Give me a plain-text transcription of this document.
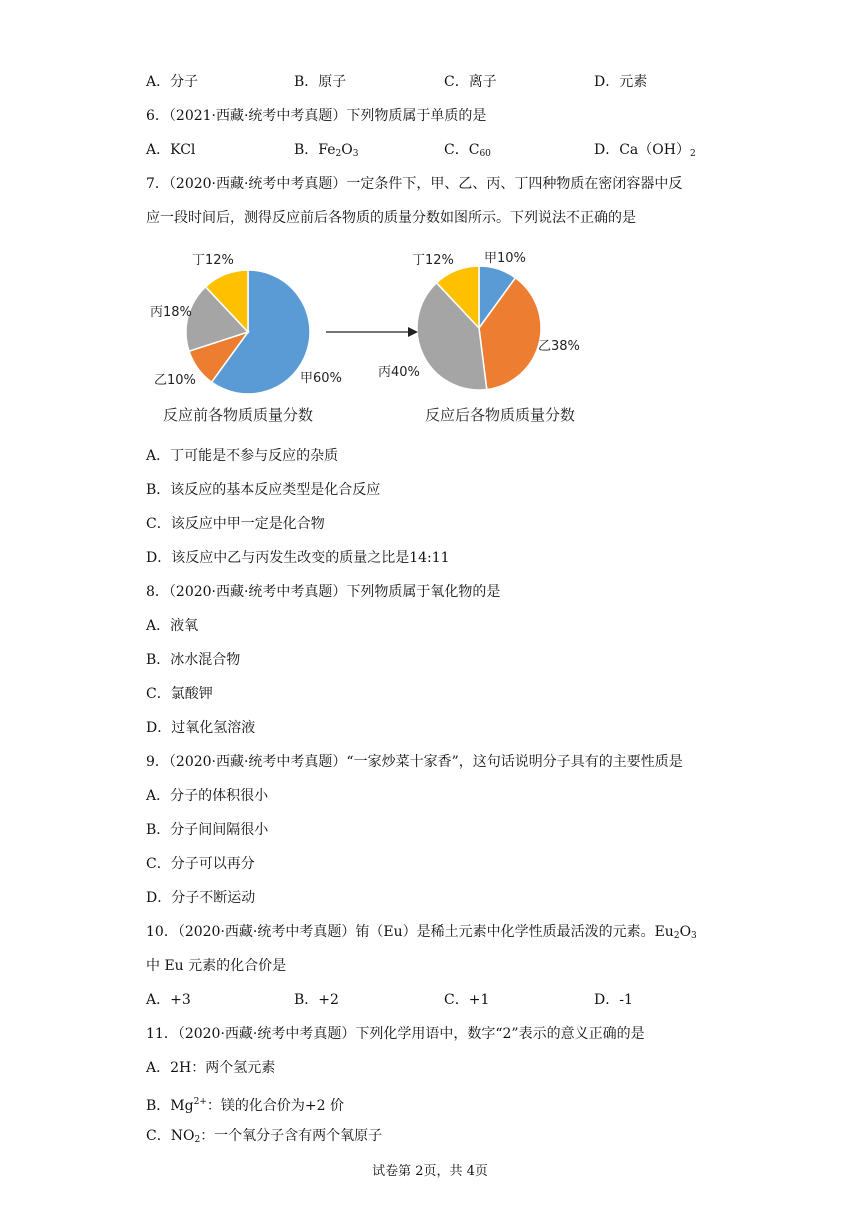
A．分子	B．原子	C．离子	D．元素
6．（2021·西藏·统考中考真题）下列物质属于单质的是
A．KCl	B．$Fe_2O_3$	C．$C_{60}$	D．$Ca(OH)_2$
7．（2020·西藏·统考中考真题）一定条件下，甲、乙、丙、丁四种物质在密闭容器中反
应一段时间后，测得反应前后各物质的质量分数如图所示。下列说法不正确的是
甲60%
乙10%
丙18%
丁12%
反应前各物质质量分数
甲10%
乙38%
丙40%
丁12%
反应后各物质质量分数
A．丁可能是不参与反应的杂质
B．该反应的基本反应类型是化合反应
C．该反应中甲一定是化合物
D．该反应中乙与丙发生改变的质量之比是14:11
8．（2020·西藏·统考中考真题）下列物质属于氧化物的是
A．液氧
B．冰水混合物
C．氯酸钾
D．过氧化氢溶液
9．（2020·西藏·统考中考真题）“一家炒菜十家香”，这句话说明分子具有的主要性质是
A．分子的体积很小
B．分子间间隔很小
C．分子可以再分
D．分子不断运动
10．（2020·西藏·统考中考真题）铕（Eu）是稀土元素中化学性质最活泼的元素。$Eu_2O_3$
中 Eu 元素的化合价是
A．+3	B．+2	C．+1	D．-1
11．（2020·西藏·统考中考真题）下列化学用语中，数字“2”表示的意义正确的是
A．2H：两个氢元素
B．$Mg^{2+}$：镁的化合价为+2 价
C．$NO_2$：一个氧分子含有两个氧原子
试卷第 2页，共 4页
